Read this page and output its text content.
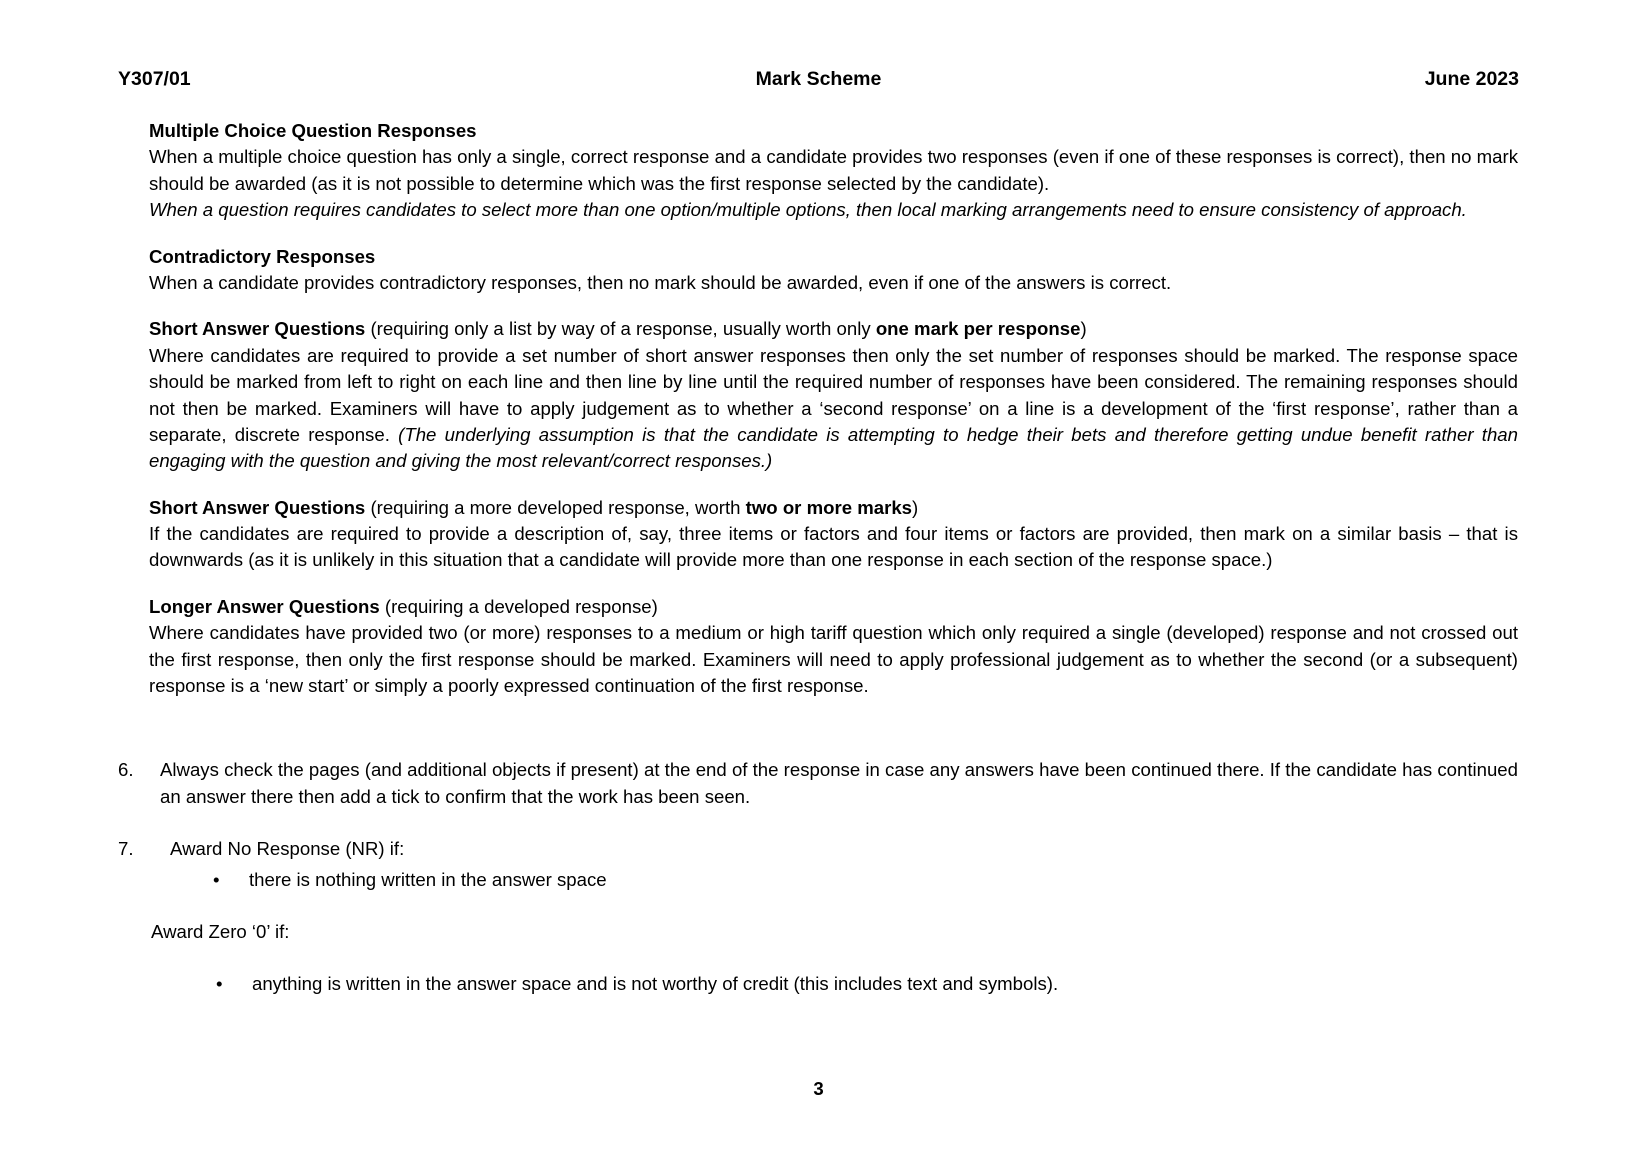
Y307/01	Mark Scheme	June 2023
Multiple Choice Question Responses
When a multiple choice question has only a single, correct response and a candidate provides two responses (even if one of these responses is correct), then no mark should be awarded (as it is not possible to determine which was the first response selected by the candidate).
When a question requires candidates to select more than one option/multiple options, then local marking arrangements need to ensure consistency of approach.
Contradictory Responses
When a candidate provides contradictory responses, then no mark should be awarded, even if one of the answers is correct.
Short Answer Questions (requiring only a list by way of a response, usually worth only one mark per response)
Where candidates are required to provide a set number of short answer responses then only the set number of responses should be marked. The response space should be marked from left to right on each line and then line by line until the required number of responses have been considered. The remaining responses should not then be marked. Examiners will have to apply judgement as to whether a ‘second response’ on a line is a development of the ‘first response’, rather than a separate, discrete response. (The underlying assumption is that the candidate is attempting to hedge their bets and therefore getting undue benefit rather than engaging with the question and giving the most relevant/correct responses.)
Short Answer Questions (requiring a more developed response, worth two or more marks)
If the candidates are required to provide a description of, say, three items or factors and four items or factors are provided, then mark on a similar basis – that is downwards (as it is unlikely in this situation that a candidate will provide more than one response in each section of the response space.)
Longer Answer Questions (requiring a developed response)
Where candidates have provided two (or more) responses to a medium or high tariff question which only required a single (developed) response and not crossed out the first response, then only the first response should be marked. Examiners will need to apply professional judgement as to whether the second (or a subsequent) response is a ‘new start’ or simply a poorly expressed continuation of the first response.
6.	Always check the pages (and additional objects if present) at the end of the response in case any answers have been continued there. If the candidate has continued an answer there then add a tick to confirm that the work has been seen.
7.	Award No Response (NR) if:
•	there is nothing written in the answer space
Award Zero ‘0’ if:
•	anything is written in the answer space and is not worthy of credit (this includes text and symbols).
3
